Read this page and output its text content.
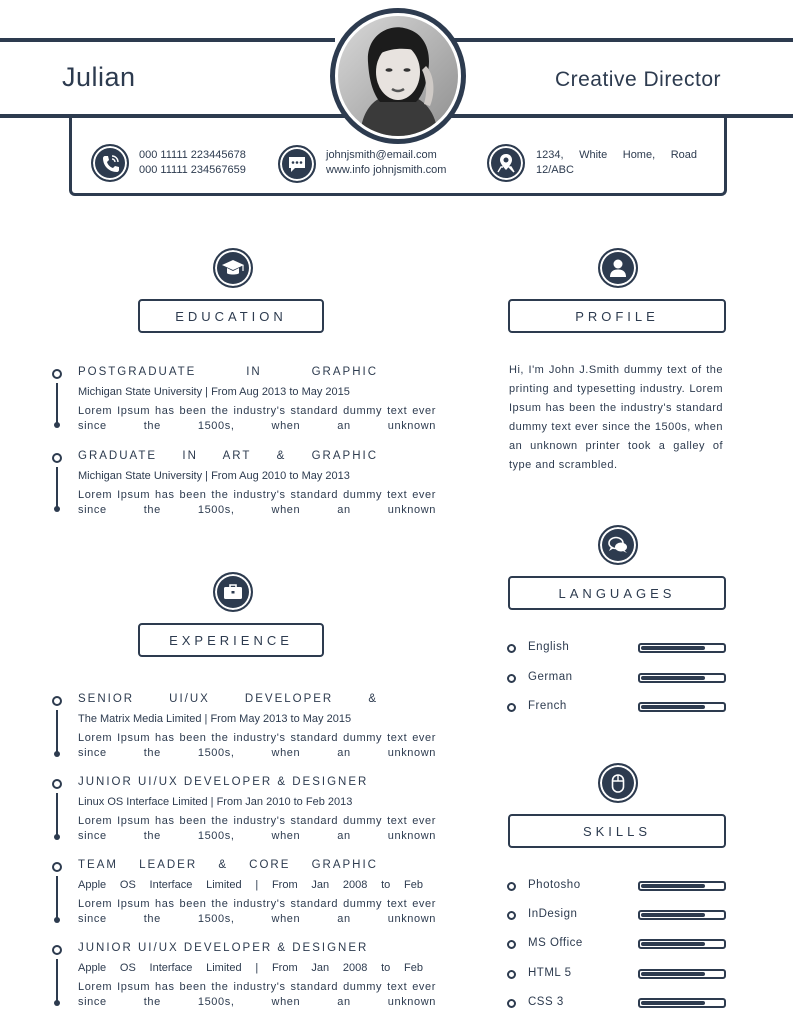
Julian	Creative Director
000 11111 223445678
000 11111 234567659
johnjsmith@email.com
www.info johnjsmith.com
1234, White Home, Road 12/ABC
EDUCATION
POSTGRADUATE IN GRAPHIC
Michigan State University | From Aug 2013 to May 2015
Lorem Ipsum has been the industry's standard dummy text ever since the 1500s, when an unknown
GRADUATE IN ART & GRAPHIC
Michigan State University | From Aug 2010 to May 2013
Lorem Ipsum has been the industry's standard dummy text ever since the 1500s, when an unknown
EXPERIENCE
SENIOR UI/UX DEVELOPER &
The Matrix Media Limited | From May 2013 to May 2015
Lorem Ipsum has been the industry's standard dummy text ever since the 1500s, when an unknown
JUNIOR UI/UX DEVELOPER & DESIGNER
Linux OS Interface Limited | From Jan 2010 to Feb 2013
Lorem Ipsum has been the industry's standard dummy text ever since the 1500s, when an unknown
TEAM LEADER & CORE GRAPHIC
Apple OS Interface Limited | From Jan 2008 to Feb
Lorem Ipsum has been the industry's standard dummy text ever since the 1500s, when an unknown
JUNIOR UI/UX DEVELOPER & DESIGNER
Apple OS Interface Limited | From Jan 2008 to Feb
Lorem Ipsum has been the industry's standard dummy text ever since the 1500s, when an unknown
PROFILE
Hi, I'm John J.Smith dummy text of the printing and typesetting industry. Lorem Ipsum has been the industry's standard dummy text ever since the 1500s, when an unknown printer took a galley of type and scrambled.
LANGUAGES
English
German
French
SKILLS
Photosho
InDesign
MS Office
HTML 5
CSS 3
